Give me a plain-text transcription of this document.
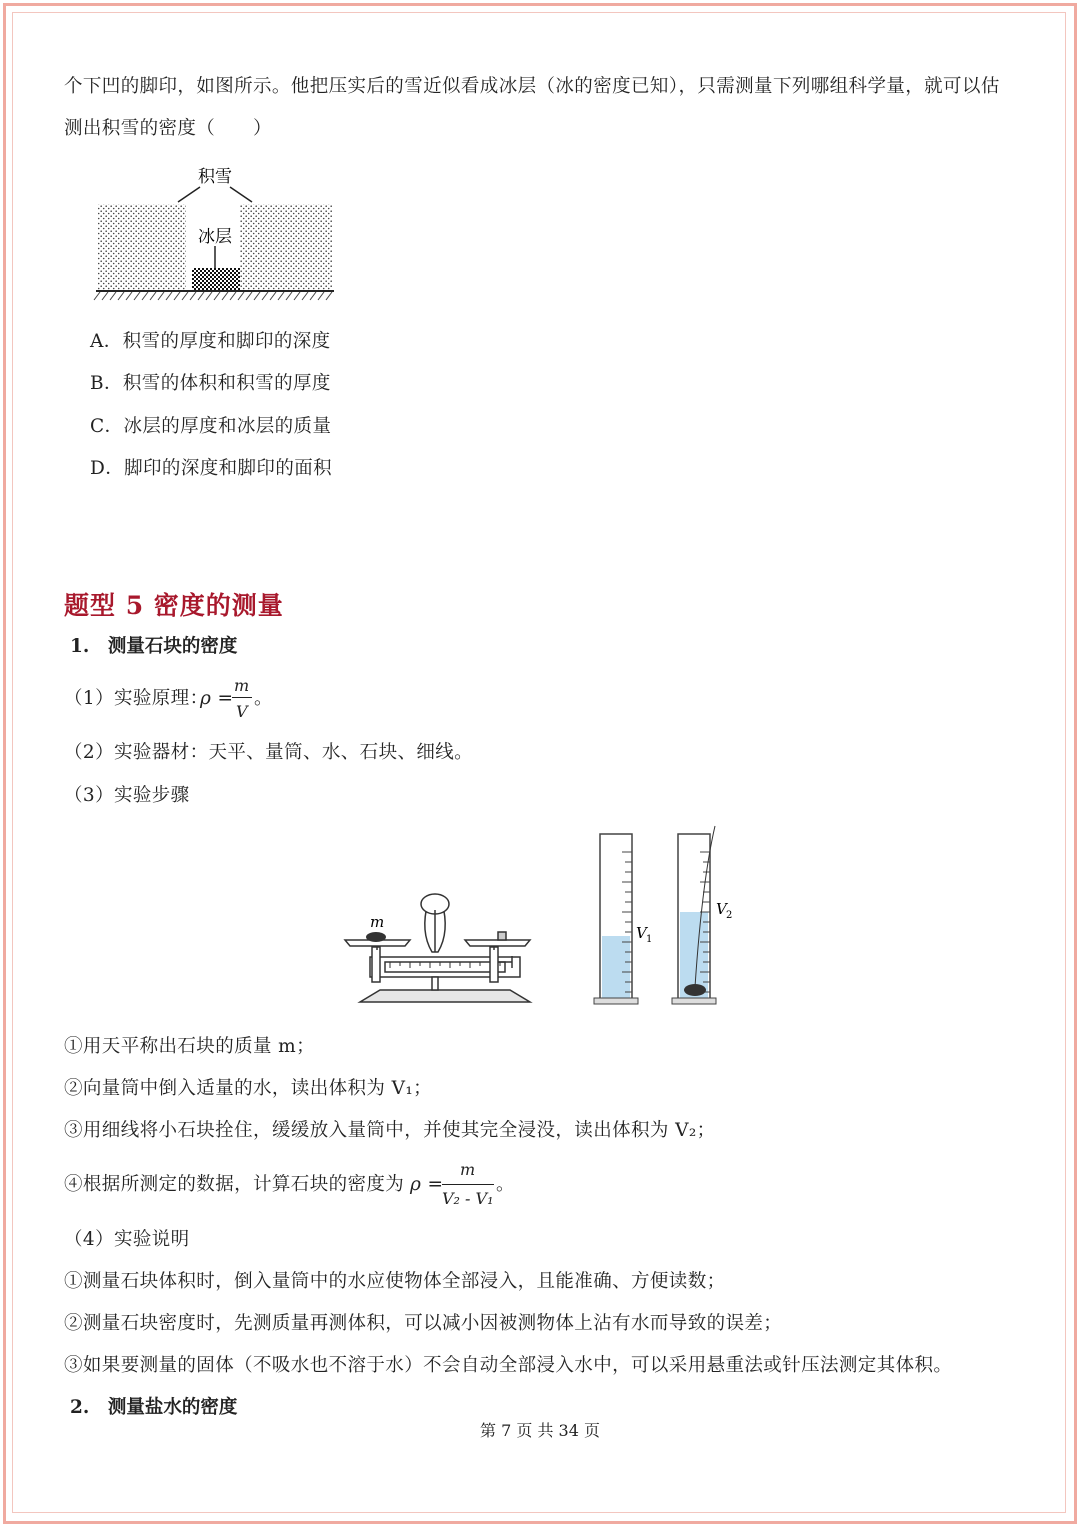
个下凹的脚印，如图所示。他把压实后的雪近似看成冰层（冰的密度已知），只需测量下列哪组科学量，就可以估
测出积雪的密度（　　）
积雪
冰层
A．积雪的厚度和脚印的深度
B．积雪的体积和积雪的厚度
C．冰层的厚度和冰层的质量
D．脚印的深度和脚印的面积
题型 5 密度的测量
1.　测量石块的密度
（1）实验原理：
ρ =
m
V
。
（2）实验器材：天平、量筒、水、石块、细线。
（3）实验步骤
m
V 1
V 2
①用天平称出石块的质量 m；
②向量筒中倒入适量的水，读出体积为 V₁；
③用细线将小石块拴住，缓缓放入量筒中，并使其完全浸没，读出体积为 V₂；
④根据所测定的数据，计算石块的密度为 ρ =
m
V₂ - V₁
。
（4）实验说明
①测量石块体积时，倒入量筒中的水应使物体全部浸入，且能准确、方便读数；
②测量石块密度时，先测质量再测体积，可以减小因被测物体上沾有水而导致的误差；
③如果要测量的固体（不吸水也不溶于水）不会自动全部浸入水中，可以采用悬重法或针压法测定其体积。
2.　测量盐水的密度
第 7 页 共 34 页
